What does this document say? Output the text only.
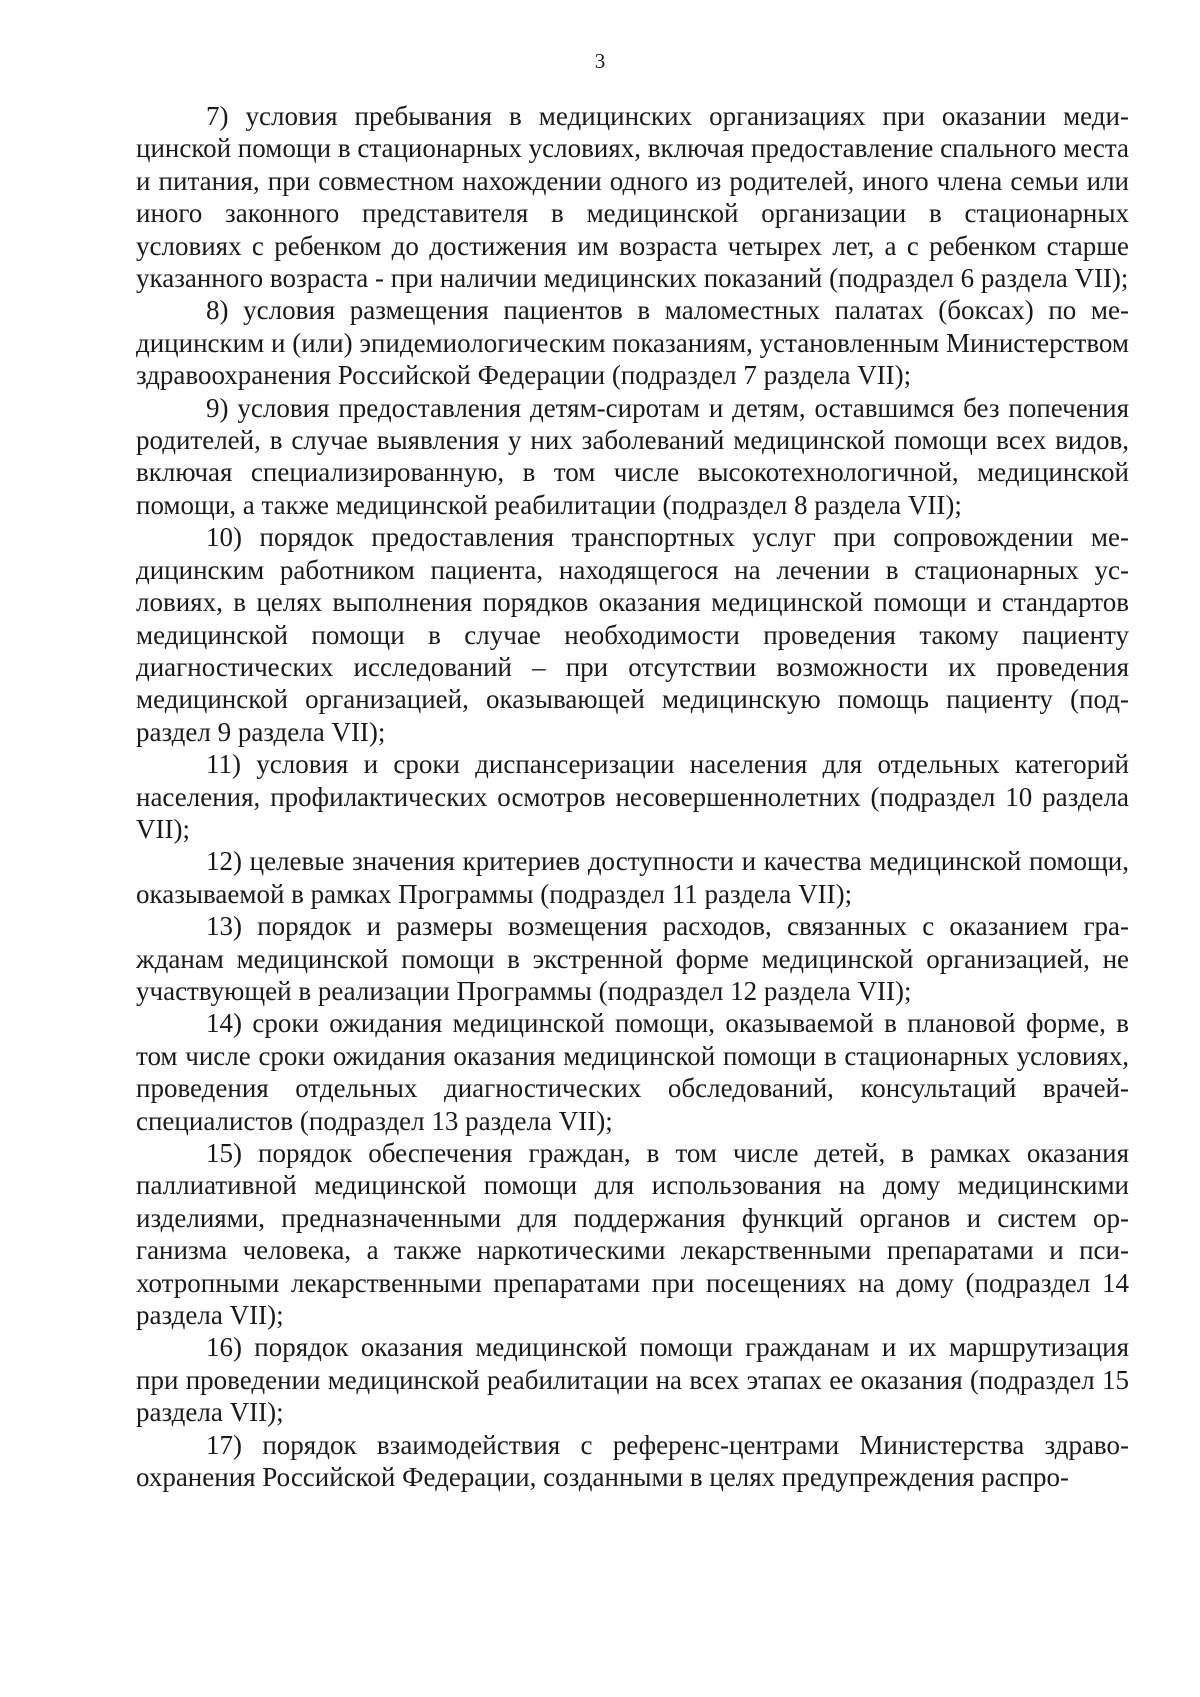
3

7) условия пребывания в медицинских организациях при оказании медицинской помощи в стационарных условиях, включая предоставление спального места и питания, при совместном нахождении одного из родителей, иного члена семьи или иного законного представителя в медицинской организации в стационарных условиях с ребенком до достижения им возраста четырех лет, а с ребенком старше указанного возраста - при наличии медицинских показаний (подраздел 6 раздела VII);

8) условия размещения пациентов в маломестных палатах (боксах) по медицинским и (или) эпидемиологическим показаниям, установленным Министерством здравоохранения Российской Федерации (подраздел 7 раздела VII);

9) условия предоставления детям-сиротам и детям, оставшимся без попечения родителей, в случае выявления у них заболеваний медицинской помощи всех видов, включая специализированную, в том числе высокотехнологичной, медицинской помощи, а также медицинской реабилитации (подраздел 8 раздела VII);

10) порядок предоставления транспортных услуг при сопровождении медицинским работником пациента, находящегося на лечении в стационарных условиях, в целях выполнения порядков оказания медицинской помощи и стандартов медицинской помощи в случае необходимости проведения такому пациенту диагностических исследований – при отсутствии возможности их проведения медицинской организацией, оказывающей медицинскую помощь пациенту (подраздел 9 раздела VII);

11) условия и сроки диспансеризации населения для отдельных категорий населения, профилактических осмотров несовершеннолетних (подраздел 10 раздела VII);

12) целевые значения критериев доступности и качества медицинской помощи, оказываемой в рамках Программы (подраздел 11 раздела VII);

13) порядок и размеры возмещения расходов, связанных с оказанием гражданам медицинской помощи в экстренной форме медицинской организацией, не участвующей в реализации Программы (подраздел 12 раздела VII);

14) сроки ожидания медицинской помощи, оказываемой в плановой форме, в том числе сроки ожидания оказания медицинской помощи в стационарных условиях, проведения отдельных диагностических обследований, консультаций врачей-специалистов (подраздел 13 раздела VII);

15) порядок обеспечения граждан, в том числе детей, в рамках оказания паллиативной медицинской помощи для использования на дому медицинскими изделиями, предназначенными для поддержания функций органов и систем организма человека, а также наркотическими лекарственными препаратами и психотропными лекарственными препаратами при посещениях на дому (подраздел 14 раздела VII);

16) порядок оказания медицинской помощи гражданам и их маршрутизация при проведении медицинской реабилитации на всех этапах ее оказания (подраздел 15 раздела VII);

17) порядок взаимодействия с референс-центрами Министерства здравоохранения Российской Федерации, созданными в целях предупреждения распро-
